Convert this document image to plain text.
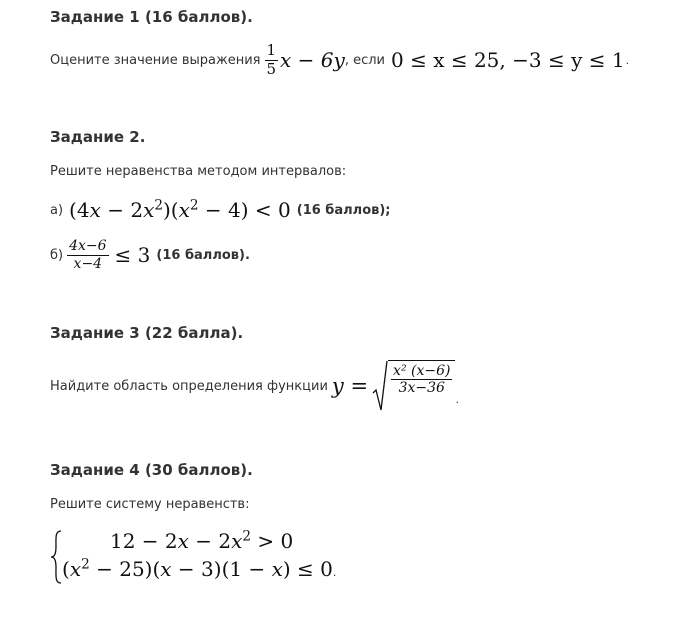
Задание 1 (16 баллов).
Оцените значение выражения $\frac{1}{5}$ x − 6y , если 0 ≤ x ≤ 25, −3 ≤ y ≤ 1 .
Задание 2.
Решите неравенства методом интервалов:
а) $(4x - 2x^2)(x^2 - 4) < 0$ (16 баллов);
$б) \frac{4x-6}{x-4} \le 3$ (16 баллов).
Задание 3 (22 балла).
Найдите область определения функции $y = \frac{\text{x² (x−6)}}{3x-36}$
.
Задание 4 (30 баллов).
Решите систему неравенств:
$12 - 2x - 2x^2 > 0$
$(x^2 - 25)(x - 3)(1 - x) \le 0$.
